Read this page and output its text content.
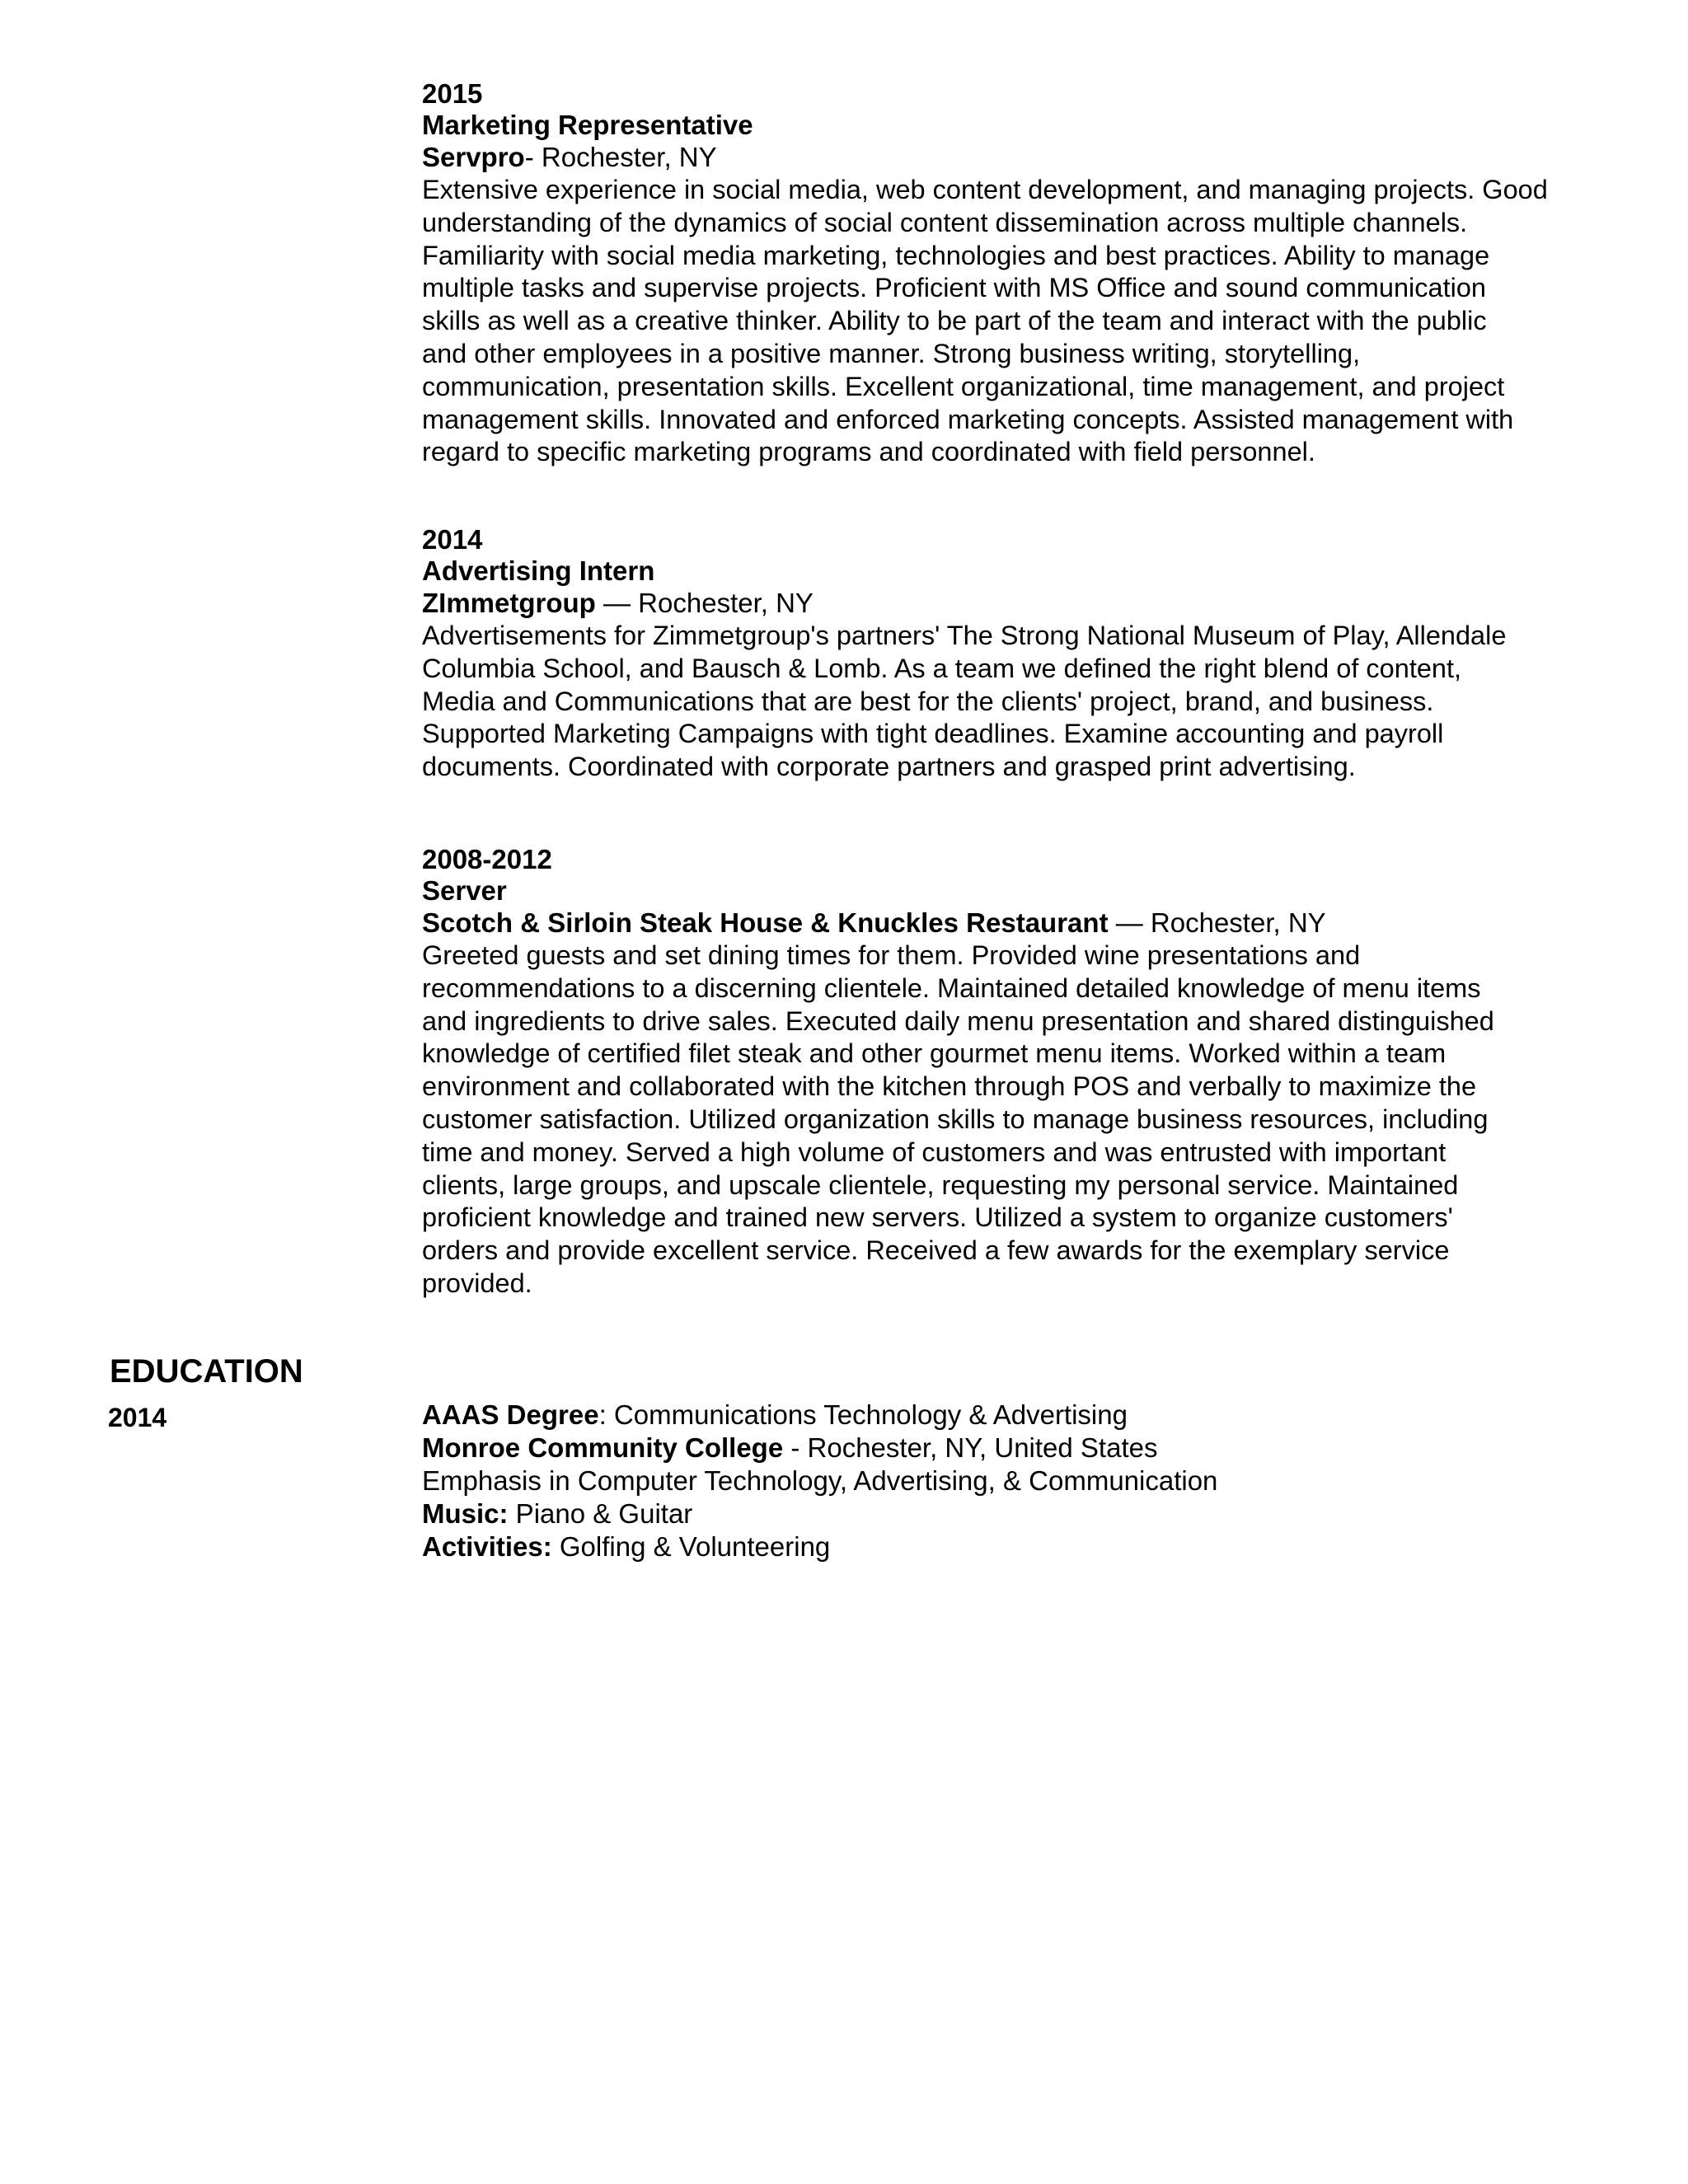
2015
Marketing Representative
Servpro- Rochester, NY
Extensive experience in social media, web content development, and managing projects. Good
understanding of the dynamics of social content dissemination across multiple channels.
Familiarity with social media marketing, technologies and best practices. Ability to manage
multiple tasks and supervise projects. Proficient with MS Office and sound communication
skills as well as a creative thinker. Ability to be part of the team and interact with the public
and other employees in a positive manner. Strong business writing, storytelling,
communication, presentation skills. Excellent organizational, time management, and project
management skills. Innovated and enforced marketing concepts. Assisted management with
regard to specific marketing programs and coordinated with field personnel.
2014
Advertising Intern
ZImmetgroup — Rochester, NY
Advertisements for Zimmetgroup's partners' The Strong National Museum of Play, Allendale
Columbia School, and Bausch & Lomb. As a team we defined the right blend of content,
Media and Communications that are best for the clients' project, brand, and business.
Supported Marketing Campaigns with tight deadlines. Examine accounting and payroll
documents. Coordinated with corporate partners and grasped print advertising.
2008-2012
Server
Scotch & Sirloin Steak House & Knuckles Restaurant — Rochester, NY
Greeted guests and set dining times for them. Provided wine presentations and
recommendations to a discerning clientele. Maintained detailed knowledge of menu items
and ingredients to drive sales. Executed daily menu presentation and shared distinguished
knowledge of certified filet steak and other gourmet menu items. Worked within a team
environment and collaborated with the kitchen through POS and verbally to maximize the
customer satisfaction. Utilized organization skills to manage business resources, including
time and money. Served a high volume of customers and was entrusted with important
clients, large groups, and upscale clientele, requesting my personal service. Maintained
proficient knowledge and trained new servers. Utilized a system to organize customers'
orders and provide excellent service. Received a few awards for the exemplary service
provided.
EDUCATION
2014	AAAS Degree: Communications Technology & Advertising
Monroe Community College - Rochester, NY, United States
Emphasis in Computer Technology, Advertising, & Communication
Music: Piano & Guitar
Activities: Golfing & Volunteering
